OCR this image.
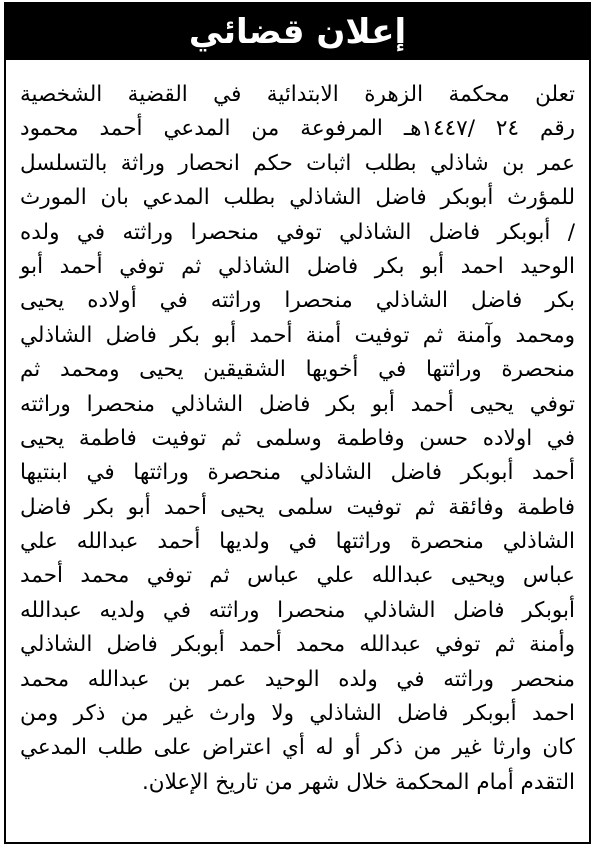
إعلان قضائي
تعلن محكمة الزهرة الابتدائية في القضية الشخصية
رقم ٢٤ /١٤٤٧هـ المرفوعة من المدعي أحمد محمود
عمر بن شاذلي بطلب اثبات حكم انحصار وراثة بالتسلسل
للمؤرث أبوبكر فاضل الشاذلي بطلب المدعي بان المورث
/ أبوبكر فاضل الشاذلي توفي منحصرا وراثته في ولده
الوحيد احمد أبو بكر فاضل الشاذلي ثم توفي أحمد أبو
بكر فاضل الشاذلي منحصرا وراثته في أولاده يحيى
ومحمد وآمنة ثم توفيت أمنة أحمد أبو بكر فاضل الشاذلي
منحصرة وراثتها في أخويها الشقيقين يحيى ومحمد ثم
توفي يحيى أحمد أبو بكر فاضل الشاذلي منحصرا وراثته
في اولاده حسن وفاطمة وسلمى ثم توفيت فاطمة يحيى
أحمد أبوبكر فاضل الشاذلي منحصرة وراثتها في ابنتيها
فاطمة وفائقة ثم توفيت سلمى يحيى أحمد أبو بكر فاضل
الشاذلي منحصرة وراثتها في ولديها أحمد عبدالله علي
عباس ويحيى عبدالله علي عباس ثم توفي محمد أحمد
أبوبكر فاضل الشاذلي منحصرا وراثته في ولديه عبدالله
وأمنة ثم توفي عبدالله محمد أحمد أبوبكر فاضل الشاذلي
منحصر وراثته في ولده الوحيد عمر بن عبدالله محمد
احمد أبوبكر فاضل الشاذلي ولا وارث غير من ذكر ومن
كان وارثا غير من ذكر أو له أي اعتراض على طلب المدعي
التقدم أمام المحكمة خلال شهر من تاريخ الإعلان.
